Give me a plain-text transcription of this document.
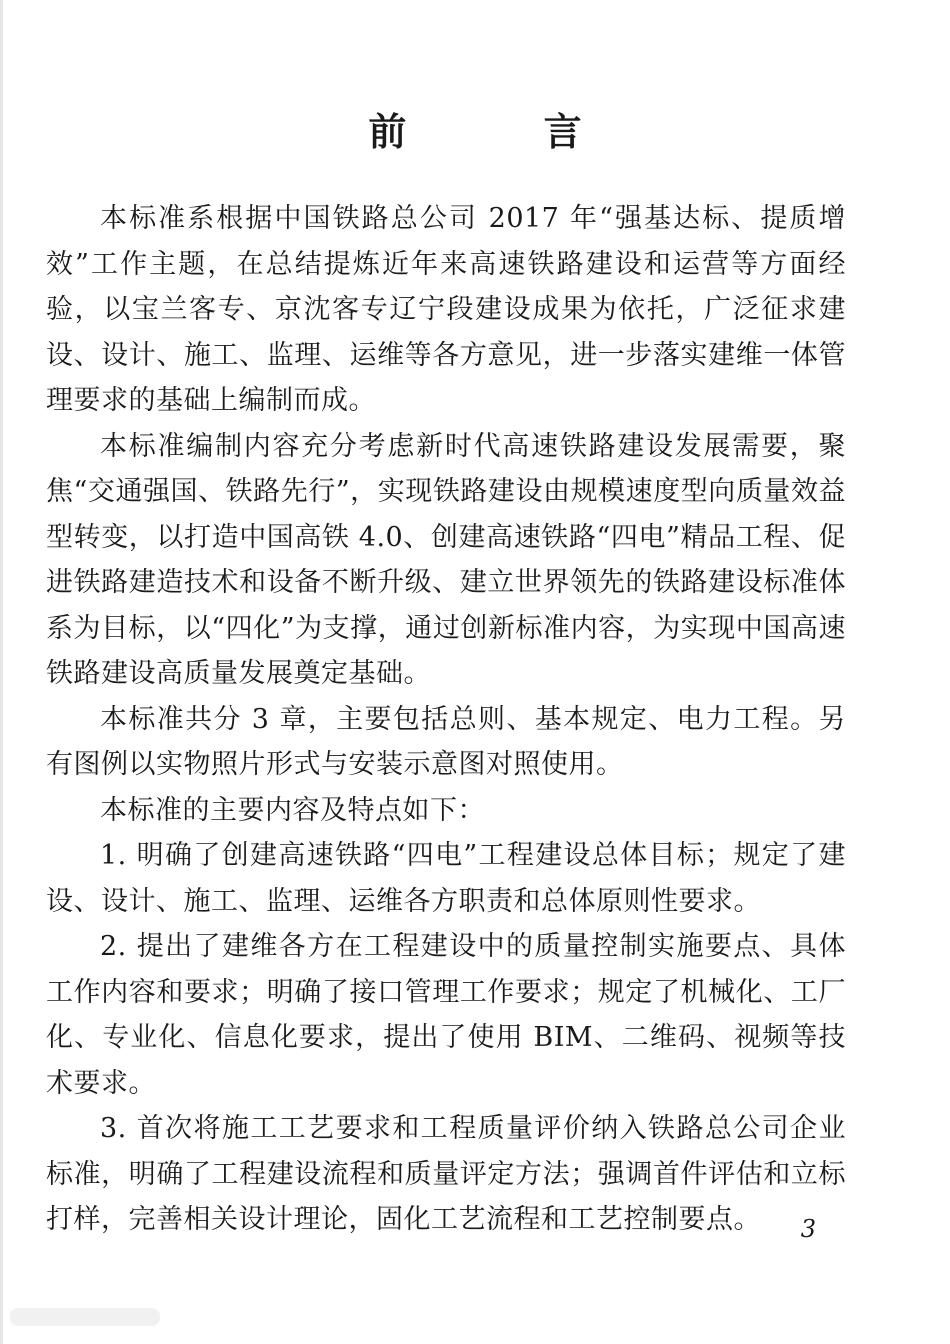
前 言

本标准系根据中国铁路总公司 2017 年“强基达标、提质增效”工作主题，在总结提炼近年来高速铁路建设和运营等方面经验，以宝兰客专、京沈客专辽宁段建设成果为依托，广泛征求建设、设计、施工、监理、运维等各方意见，进一步落实建维一体管理要求的基础上编制而成。

本标准编制内容充分考虑新时代高速铁路建设发展需要，聚焦“交通强国、铁路先行”，实现铁路建设由规模速度型向质量效益型转变，以打造中国高铁 4.0、创建高速铁路“四电”精品工程、促进铁路建造技术和设备不断升级、建立世界领先的铁路建设标准体系为目标，以“四化”为支撑，通过创新标准内容，为实现中国高速铁路建设高质量发展奠定基础。

本标准共分 3 章，主要包括总则、基本规定、电力工程。另有图例以实物照片形式与安装示意图对照使用。

本标准的主要内容及特点如下：

1. 明确了创建高速铁路“四电”工程建设总体目标；规定了建设、设计、施工、监理、运维各方职责和总体原则性要求。

2. 提出了建维各方在工程建设中的质量控制实施要点、具体工作内容和要求；明确了接口管理工作要求；规定了机械化、工厂化、专业化、信息化要求，提出了使用 BIM、二维码、视频等技术要求。

3. 首次将施工工艺要求和工程质量评价纳入铁路总公司企业标准，明确了工程建设流程和质量评定方法；强调首件评估和立标打样，完善相关设计理论，固化工艺流程和工艺控制要点。	3
